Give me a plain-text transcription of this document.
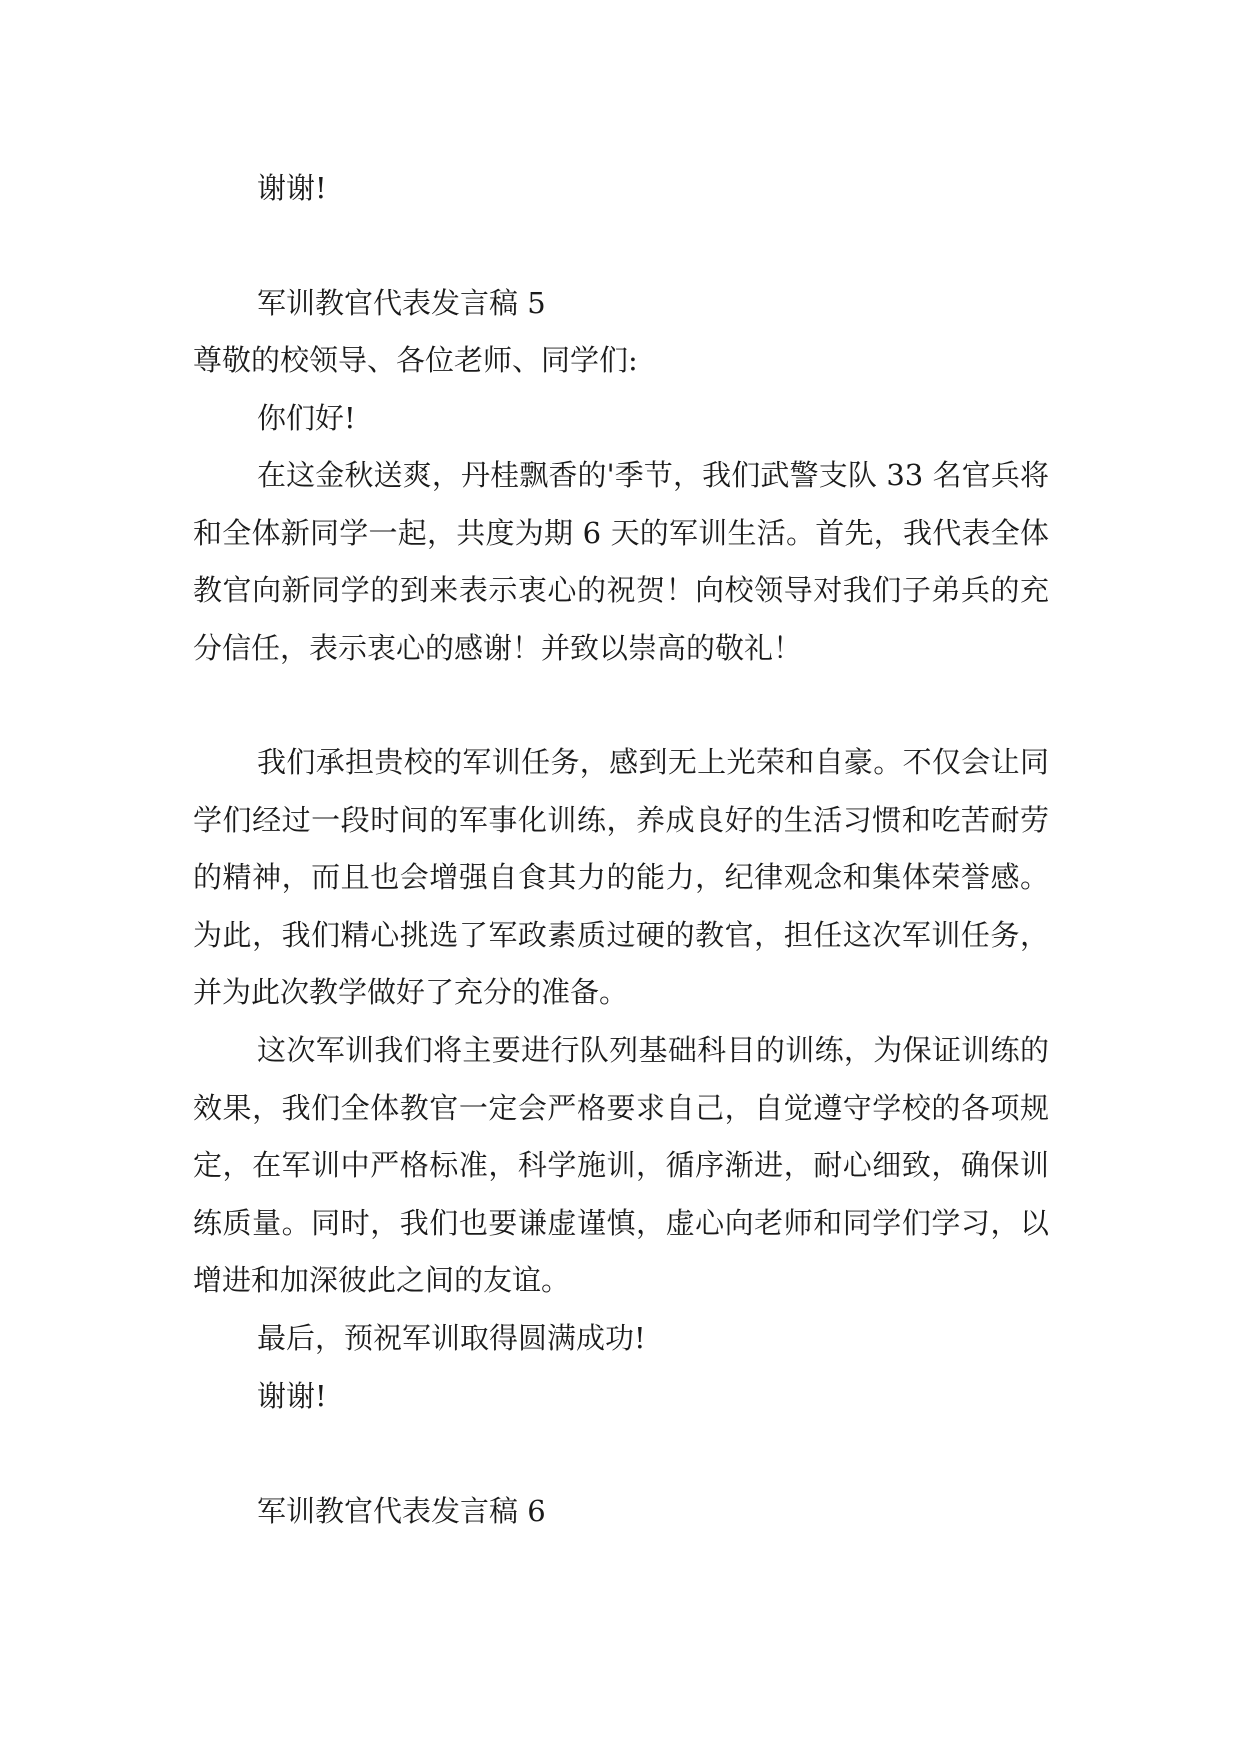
谢谢!

军训教官代表发言稿 5

尊敬的校领导、各位老师、同学们:

你们好!

在这金秋送爽，丹桂飘香的'季节，我们武警支队 33 名官兵将和全体新同学一起，共度为期 6 天的军训生活。首先，我代表全体教官向新同学的到来表示衷心的祝贺！向校领导对我们子弟兵的充分信任，表示衷心的感谢！并致以崇高的敬礼！

我们承担贵校的军训任务，感到无上光荣和自豪。不仅会让同学们经过一段时间的军事化训练，养成良好的生活习惯和吃苦耐劳的精神，而且也会增强自食其力的能力，纪律观念和集体荣誉感。为此，我们精心挑选了军政素质过硬的教官，担任这次军训任务，并为此次教学做好了充分的准备。

这次军训我们将主要进行队列基础科目的训练，为保证训练的效果，我们全体教官一定会严格要求自己，自觉遵守学校的各项规定，在军训中严格标准，科学施训，循序渐进，耐心细致，确保训练质量。同时，我们也要谦虚谨慎，虚心向老师和同学们学习，以增进和加深彼此之间的友谊。

最后，预祝军训取得圆满成功!

谢谢!

军训教官代表发言稿 6
